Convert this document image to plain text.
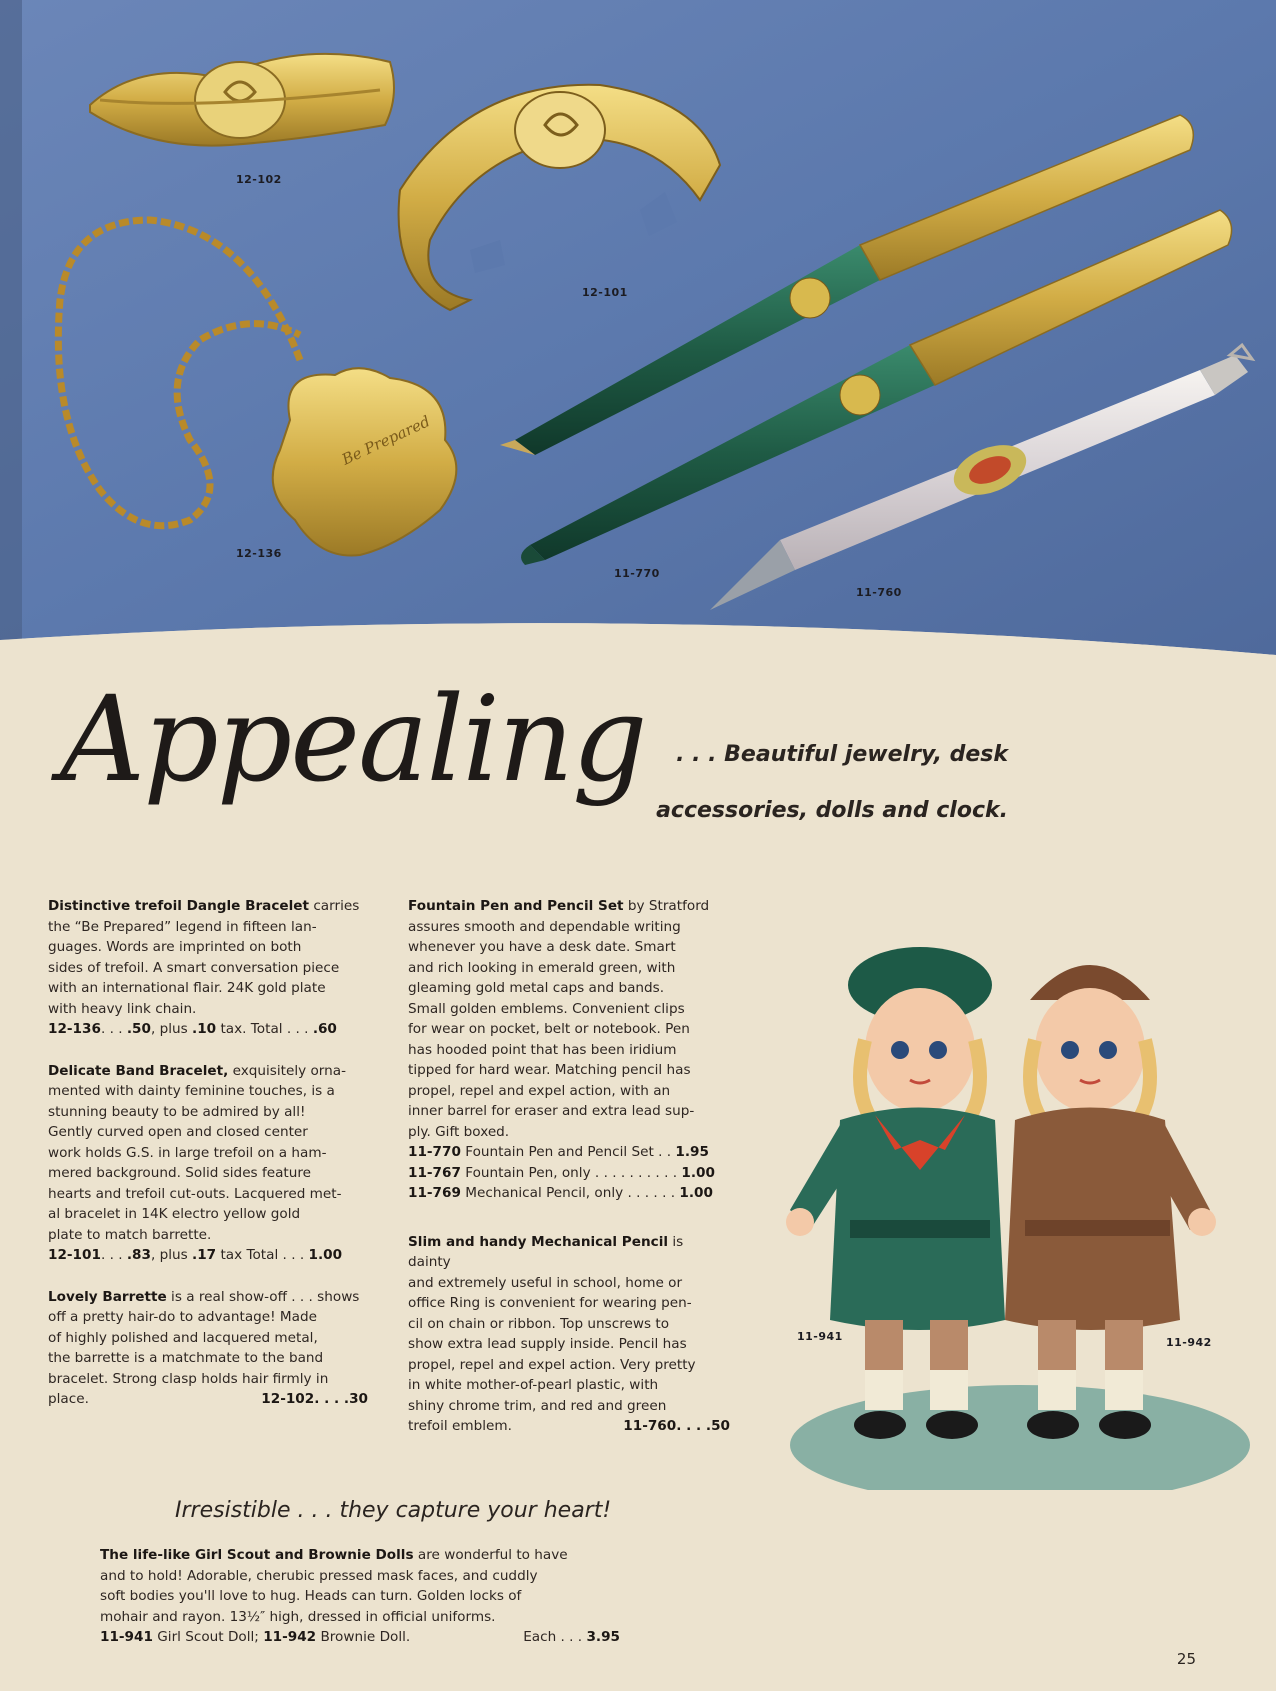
Be Prepared
12-102
12-101
12-136
11-770
11-760
Appealing . . . Beautiful jewelry, desk
accessories, dolls and clock.

Distinctive trefoil Dangle Bracelet carries

the “Be Prepared” legend in fifteen lan-

guages. Words are imprinted on both

sides of trefoil. A smart conversation piece

with an international flair. 24K gold plate

with heavy link chain.

12-136. . . .50, plus .10 tax. Total . . . .60

Delicate Band Bracelet, exquisitely orna-

mented with dainty feminine touches, is a

stunning beauty to be admired by all!

Gently curved open and closed center

work holds G.S. in large trefoil on a ham-

mered background. Solid sides feature

hearts and trefoil cut-outs. Lacquered met-

al bracelet in 14K electro yellow gold

plate to match barrette.

12-101. . . .83, plus .17 tax Total . . . 1.00

Lovely Barrette is a real show-off . . . shows

off a pretty hair-do to advantage! Made

of highly polished and lacquered metal,

the barrette is a matchmate to the band

bracelet. Strong clasp holds hair firmly in

place.	12-102. . . .30

Fountain Pen and Pencil Set by Stratford

assures smooth and dependable writing

whenever you have a desk date. Smart

and rich looking in emerald green, with

gleaming gold metal caps and bands.

Small golden emblems. Convenient clips

for wear on pocket, belt or notebook. Pen

has hooded point that has been iridium

tipped for hard wear. Matching pencil has

propel, repel and expel action, with an

inner barrel for eraser and extra lead sup-

ply. Gift boxed.

11-770 Fountain Pen and Pencil Set . . 1.95

11-767 Fountain Pen, only . . . . . . . . . . 1.00

11-769 Mechanical Pencil, only . . . . . . 1.00

Slim and handy Mechanical Pencil is dainty

and extremely useful in school, home or

office Ring is convenient for wearing pen-

cil on chain or ribbon. Top unscrews to

show extra lead supply inside. Pencil has

propel, repel and expel action. Very pretty

in white mother-of-pearl plastic, with

shiny chrome trim, and red and green

trefoil emblem.	11-760. . . .50

11-941	11-942
Irresistible . . . they capture your heart!

The life-like Girl Scout and Brownie Dolls are wonderful to have

and to hold! Adorable, cherubic pressed mask faces, and cuddly

soft bodies you'll love to hug. Heads can turn. Golden locks of

mohair and rayon. 13½″ high, dressed in official uniforms.

11-941 Girl Scout Doll; 11-942 Brownie Doll.	Each . . . 3.95

25
